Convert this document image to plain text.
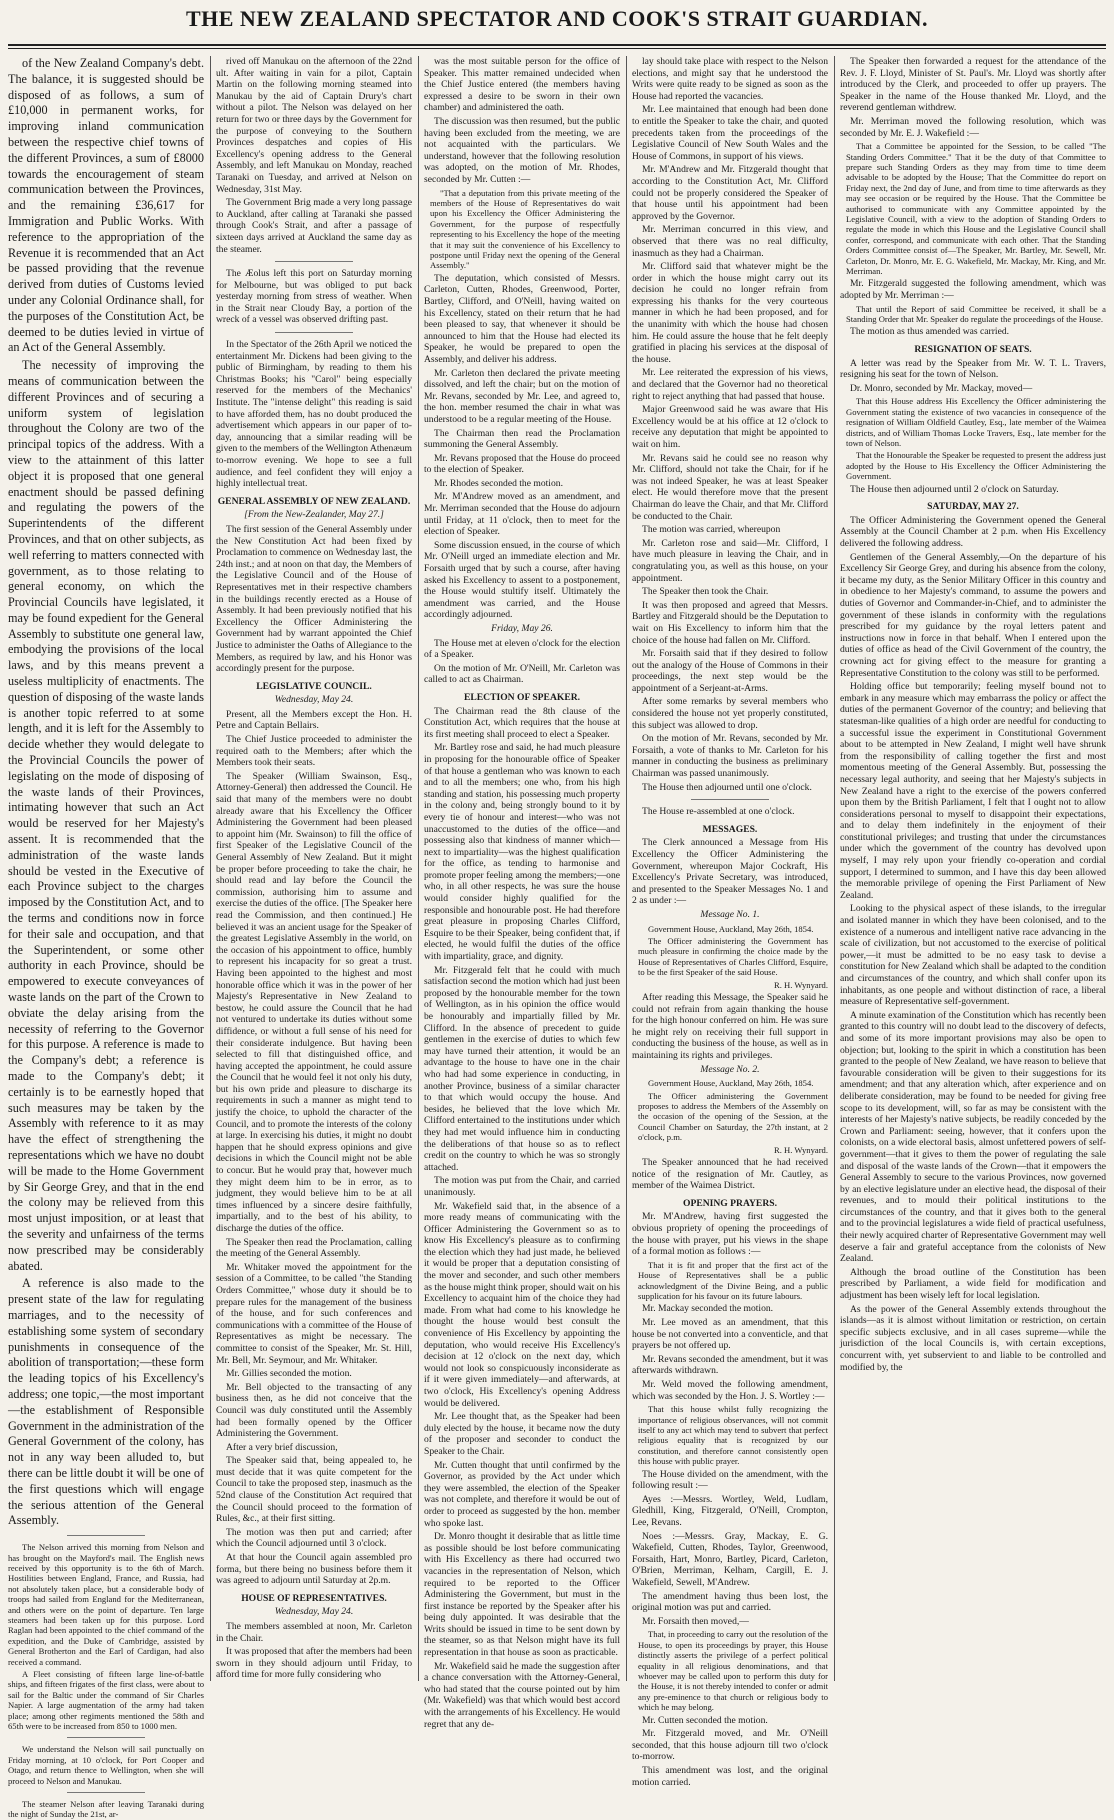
THE NEW ZEALAND SPECTATOR AND COOK'S STRAIT GUARDIAN.

of the New Zealand Company's debt. The balance, it is suggested should be disposed of as follows, a sum of £10,000 in permanent works, for improving inland communication between the respective chief towns of the different Provinces, a sum of £8000 towards the encouragement of steam communication between the Provinces, and the remaining £36,617 for Immigration and Public Works. With reference to the appropriation of the Revenue it is recommended that an Act be passed providing that the revenue derived from duties of Customs levied under any Colonial Ordinance shall, for the purposes of the Constitution Act, be deemed to be duties levied in virtue of an Act of the General Assembly.

The necessity of improving the means of communication between the different Provinces and of securing a uniform system of legislation throughout the Colony are two of the principal topics of the address. With a view to the attainment of this latter object it is proposed that one general enactment should be passed defining and regulating the powers of the Superintendents of the different Provinces, and that on other subjects, as well referring to matters connected with government, as to those relating to general economy, on which the Provincial Councils have legislated, it may be found expedient for the General Assembly to substitute one general law, embodying the provisions of the local laws, and by this means prevent a useless multiplicity of enactments. The question of disposing of the waste lands is another topic referred to at some length, and it is left for the Assembly to decide whether they would delegate to the Provincial Councils the power of legislating on the mode of disposing of the waste lands of their Provinces, intimating however that such an Act would be reserved for her Majesty's assent. It is recommended that the administration of the waste lands should be vested in the Executive of each Province subject to the charges imposed by the Constitution Act, and to the terms and conditions now in force for their sale and occupation, and that the Superintendent, or some other authority in each Province, should be empowered to execute conveyances of waste lands on the part of the Crown to obviate the delay arising from the necessity of referring to the Governor for this purpose. A reference is made to the Company's debt; a reference is made to the Company's debt; it certainly is to be earnestly hoped that such measures may be taken by the Assembly with reference to it as may have the effect of strengthening the representations which we have no doubt will be made to the Home Government by Sir George Grey, and that in the end the colony may be relieved from this most unjust imposition, or at least that the severity and unfairness of the terms now prescribed may be considerably abated.

A reference is also made to the present state of the law for regulating marriages, and to the necessity of establishing some system of secondary punishments in consequence of the abolition of transportation;—these form the leading topics of his Excellency's address; one topic,—the most important—the establishment of Responsible Government in the administration of the General Government of the colony, has not in any way been alluded to, but there can be little doubt it will be one of the first questions which will engage the serious attention of the General Assembly.

The Nelson arrived this morning from Nelson and has brought on the Mayford's mail. The English news received by this opportunity is to the 6th of March. Hostilities between England, France, and Russia, had not absolutely taken place, but a considerable body of troops had sailed from England for the Mediterranean, and others were on the point of departure. Ten large steamers had been taken up for this purpose. Lord Raglan had been appointed to the chief command of the expedition, and the Duke of Cambridge, assisted by General Brotherton and the Earl of Cardigan, had also received a command.

A Fleet consisting of fifteen large line-of-battle ships, and fifteen frigates of the first class, were about to sail for the Baltic under the command of Sir Charles Napier. A large augmentation of the army had taken place; among other regiments mentioned the 58th and 65th were to be increased from 850 to 1000 men.

We understand the Nelson will sail punctually on Friday morning, at 10 o'clock, for Port Cooper and Otago, and return thence to Wellington, when she will proceed to Nelson and Manukau.

The steamer Nelson after leaving Taranaki during the night of Sunday the 21st, ar-

rived off Manukau on the afternoon of the 22nd ult. After waiting in vain for a pilot, Captain Martin on the following morning steamed into Manukau by the aid of Captain Drury's chart without a pilot. The Nelson was delayed on her return for two or three days by the Government for the purpose of conveying to the Southern Provinces despatches and copies of His Excellency's opening address to the General Assembly, and left Manukau on Monday, reached Taranaki on Tuesday, and arrived at Nelson on Wednesday, 31st May.

The Government Brig made a very long passage to Auckland, after calling at Taranaki she passed through Cook's Strait, and after a passage of sixteen days arrived at Auckland the same day as the steamer.

The Æolus left this port on Saturday morning for Melbourne, but was obliged to put back yesterday morning from stress of weather. When in the Strait near Cloudy Bay, a portion of the wreck of a vessel was observed drifting past.

In the Spectator of the 26th April we noticed the entertainment Mr. Dickens had been giving to the public of Birmingham, by reading to them his Christmas Books; his "Carol" being especially reserved for the members of the Mechanics' Institute. The "intense delight" this reading is said to have afforded them, has no doubt produced the advertisement which appears in our paper of to-day, announcing that a similar reading will be given to the members of the Wellington Athenæum to-morrow evening. We hope to see a full audience, and feel confident they will enjoy a highly intellectual treat.

GENERAL ASSEMBLY OF NEW ZEALAND.

[From the New-Zealander, May 27.]

The first session of the General Assembly under the New Constitution Act had been fixed by Proclamation to commence on Wednesday last, the 24th inst.; and at noon on that day, the Members of the Legislative Council and of the House of Representatives met in their respective chambers in the buildings recently erected as a House of Assembly. It had been previously notified that his Excellency the Officer Administering the Government had by warrant appointed the Chief Justice to administer the Oaths of Allegiance to the Members, as required by law, and his Honor was accordingly present for the purpose.

LEGISLATIVE COUNCIL.

Wednesday, May 24.

Present, all the Members except the Hon. H. Petre and Captain Bellairs.

The Chief Justice proceeded to administer the required oath to the Members; after which the Members took their seats.

The Speaker (William Swainson, Esq., Attorney-General) then addressed the Council. He said that many of the members were no doubt already aware that his Excellency the Officer Administering the Government had been pleased to appoint him (Mr. Swainson) to fill the office of first Speaker of the Legislative Council of the General Assembly of New Zealand. But it might be proper before proceeding to take the chair, he should read and lay before the Council the commission, authorising him to assume and exercise the duties of the office. [The Speaker here read the Commission, and then continued.] He believed it was an ancient usage for the Speaker of the greatest Legislative Assembly in the world, on the occasion of his appointment to office, humbly to represent his incapacity for so great a trust. Having been appointed to the highest and most honorable office which it was in the power of her Majesty's Representative in New Zealand to bestow, he could assure the Council that he had not ventured to undertake its duties without some diffidence, or without a full sense of his need for their considerate indulgence. But having been selected to fill that distinguished office, and having accepted the appointment, he could assure the Council that he would feel it not only his duty, but his own pride and pleasure to discharge its requirements in such a manner as might tend to justify the choice, to uphold the character of the Council, and to promote the interests of the colony at large. In exercising his duties, it might no doubt happen that he should express opinions and give decisions in which the Council might not be able to concur. But he would pray that, however much they might deem him to be in error, as to judgment, they would believe him to be at all times influenced by a sincere desire faithfully, impartially, and to the best of his ability, to discharge the duties of the office.

The Speaker then read the Proclamation, calling the meeting of the General Assembly.

Mr. Whitaker moved the appointment for the session of a Committee, to be called "the Standing Orders Committee," whose duty it should be to prepare rules for the management of the business of the house, and for such conferences and communications with a committee of the House of Representatives as might be necessary. The committee to consist of the Speaker, Mr. St. Hill, Mr. Bell, Mr. Seymour, and Mr. Whitaker.

Mr. Gillies seconded the motion.

Mr. Bell objected to the transacting of any business then, as he did not conceive that the Council was duly constituted until the Assembly had been formally opened by the Officer Administering the Government.

After a very brief discussion,

The Speaker said that, being appealed to, he must decide that it was quite competent for the Council to take the proposed step, inasmuch as the 52nd clause of the Constitution Act required that the Council should proceed to the formation of Rules, &c., at their first sitting.

The motion was then put and carried; after which the Council adjourned until 3 o'clock.

At that hour the Council again assembled pro forma, but there being no business before them it was agreed to adjourn until Saturday at 2p.m.

HOUSE OF REPRESENTATIVES.

Wednesday, May 24.

The members assembled at noon, Mr. Carleton in the Chair.

It was proposed that after the members had been sworn in they should adjourn until Friday, to afford time for more fully considering who

was the most suitable person for the office of Speaker. This matter remained undecided when the Chief Justice entered (the members having expressed a desire to be sworn in their own chamber) and administered the oath.

The discussion was then resumed, but the public having been excluded from the meeting, we are not acquainted with the particulars. We understand, however that the following resolution was adopted, on the motion of Mr. Rhodes, seconded by Mr. Cutten :—

"That a deputation from this private meeting of the members of the House of Representatives do wait upon his Excellency the Officer Administering the Government, for the purpose of respectfully representing to his Excellency the hope of the meeting that it may suit the convenience of his Excellency to postpone until Friday next the opening of the General Assembly."

The deputation, which consisted of Messrs. Carleton, Cutten, Rhodes, Greenwood, Porter, Bartley, Clifford, and O'Neill, having waited on his Excellency, stated on their return that he had been pleased to say, that whenever it should be announced to him that the House had elected its Speaker, he would be prepared to open the Assembly, and deliver his address.

Mr. Carleton then declared the private meeting dissolved, and left the chair; but on the motion of Mr. Revans, seconded by Mr. Lee, and agreed to, the hon. member resumed the chair in what was understood to be a regular meeting of the House.

The Chairman then read the Proclamation summoning the General Assembly.

Mr. Revans proposed that the House do proceed to the election of Speaker.

Mr. Rhodes seconded the motion.

Mr. M'Andrew moved as an amendment, and Mr. Merriman seconded that the House do adjourn until Friday, at 11 o'clock, then to meet for the election of Speaker.

Some discussion ensued, in the course of which Mr. O'Neill urged an immediate election and Mr. Forsaith urged that by such a course, after having asked his Excellency to assent to a postponement, the House would stultify itself. Ultimately the amendment was carried, and the House accordingly adjourned.

Friday, May 26.

The House met at eleven o'clock for the election of a Speaker.

On the motion of Mr. O'Neill, Mr. Carleton was called to act as Chairman.

ELECTION OF SPEAKER.

The Chairman read the 8th clause of the Constitution Act, which requires that the house at its first meeting shall proceed to elect a Speaker.

Mr. Bartley rose and said, he had much pleasure in proposing for the honourable office of Speaker of that house a gentleman who was known to each and to all the members; one who, from his high standing and station, his possessing much property in the colony and, being strongly bound to it by every tie of honour and interest—who was not unaccustomed to the duties of the office—and possessing also that kindness of manner which—next to impartiality—was the highest qualification for the office, as tending to harmonise and promote proper feeling among the members;—one who, in all other respects, he was sure the house would consider highly qualified for the responsible and honourable post. He had therefore great pleasure in proposing Charles Clifford, Esquire to be their Speaker, being confident that, if elected, he would fulfil the duties of the office with impartiality, grace, and dignity.

Mr. Fitzgerald felt that he could with much satisfaction second the motion which had just been proposed by the honourable member for the town of Wellington, as in his opinion the office would be honourably and impartially filled by Mr. Clifford. In the absence of precedent to guide gentlemen in the exercise of duties to which few may have turned their attention, it would be an advantage to the house to have one in the chair who had had some experience in conducting, in another Province, business of a similar character to that which would occupy the house. And besides, he believed that the love which Mr. Clifford entertained to the institutions under which they had met would influence him in conducting the deliberations of that house so as to reflect credit on the country to which he was so strongly attached.

The motion was put from the Chair, and carried unanimously.

Mr. Wakefield said that, in the absence of a more ready means of communicating with the Officer Administering the Government so as to know His Excellency's pleasure as to confirming the election which they had just made, he believed it would be proper that a deputation consisting of the mover and seconder, and such other members as the house might think proper, should wait on his Excellency to acquaint him of the choice they had made. From what had come to his knowledge he thought the house would best consult the convenience of His Excellency by appointing the deputation, who would receive His Excellency's decision at 12 o'clock on the next day, which would not look so conspicuously inconsiderate as if it were given immediately—and afterwards, at two o'clock, His Excellency's opening Address would be delivered.

Mr. Lee thought that, as the Speaker had been duly elected by the house, it became now the duty of the proposer and seconder to conduct the Speaker to the Chair.

Mr. Cutten thought that until confirmed by the Governor, as provided by the Act under which they were assembled, the election of the Speaker was not complete, and therefore it would be out of order to proceed as suggested by the hon. member who spoke last.

Dr. Monro thought it desirable that as little time as possible should be lost before communicating with His Excellency as there had occurred two vacancies in the representation of Nelson, which required to be reported to the Officer Administering the Government, but must in the first instance be reported by the Speaker after his being duly appointed. It was desirable that the Writs should be issued in time to be sent down by the steamer, so as that Nelson might have its full representation in that house as soon as practicable.

Mr. Wakefield said he made the suggestion after a chance conversation with the Attorney-General, who had stated that the course pointed out by him (Mr. Wakefield) was that which would best accord with the arrangements of his Excellency. He would regret that any de-

lay should take place with respect to the Nelson elections, and might say that he understood the Writs were quite ready to be signed as soon as the House had reported the vacancies.

Mr. Lee maintained that enough had been done to entitle the Speaker to take the chair, and quoted precedents taken from the proceedings of the Legislative Council of New South Wales and the House of Commons, in support of his views.

Mr. M'Andrew and Mr. Fitzgerald thought that according to the Constitution Act, Mr. Clifford could not be properly considered the Speaker of that house until his appointment had been approved by the Governor.

Mr. Merriman concurred in this view, and observed that there was no real difficulty, inasmuch as they had a Chairman.

Mr. Clifford said that whatever might be the order in which the house might carry out its decision he could no longer refrain from expressing his thanks for the very courteous manner in which he had been proposed, and for the unanimity with which the house had chosen him. He could assure the house that he felt deeply gratified in placing his services at the disposal of the house.

Mr. Lee reiterated the expression of his views, and declared that the Governor had no theoretical right to reject anything that had passed that house.

Major Greenwood said he was aware that His Excellency would be at his office at 12 o'clock to receive any deputation that might be appointed to wait on him.

Mr. Revans said he could see no reason why Mr. Clifford, should not take the Chair, for if he was not indeed Speaker, he was at least Speaker elect. He would therefore move that the present Chairman do leave the Chair, and that Mr. Clifford be conducted to the Chair.

The motion was carried, whereupon

Mr. Carleton rose and said—Mr. Clifford, I have much pleasure in leaving the Chair, and in congratulating you, as well as this house, on your appointment.

The Speaker then took the Chair.

It was then proposed and agreed that Messrs. Bartley and Fitzgerald should be the Deputation to wait on His Excellency to inform him that the choice of the house had fallen on Mr. Clifford.

Mr. Forsaith said that if they desired to follow out the analogy of the House of Commons in their proceedings, the next step would be the appointment of a Serjeant-at-Arms.

After some remarks by several members who considered the house not yet properly constituted, this subject was allowed to drop.

On the motion of Mr. Revans, seconded by Mr. Forsaith, a vote of thanks to Mr. Carleton for his manner in conducting the business as preliminary Chairman was passed unanimously.

The House then adjourned until one o'clock.

The House re-assembled at one o'clock.

MESSAGES.

The Clerk announced a Message from His Excellency the Officer Administering the Government, whereupon Major Cockraft, His Excellency's Private Secretary, was introduced, and presented to the Speaker Messages No. 1 and 2 as under :—

Message No. 1.

Government House, Auckland, May 26th, 1854.

The Officer administering the Government has much pleasure in confirming the choice made by the House of Representatives of Charles Clifford, Esquire, to be the first Speaker of the said House.

R. H. Wynyard.

After reading this Message, the Speaker said he could not refrain from again thanking the house for the high honour conferred on him. He was sure he might rely on receiving their full support in conducting the business of the house, as well as in maintaining its rights and privileges.

Message No. 2.

Government House, Auckland, May 26th, 1854.

The Officer administering the Government proposes to address the Members of the Assembly on the occasion of the opening of the Session, at the Council Chamber on Saturday, the 27th instant, at 2 o'clock, p.m.

R. H. Wynyard.

The Speaker announced that he had received notice of the resignation of Mr. Cautley, as member of the Waimea District.

OPENING PRAYERS.

Mr. M'Andrew, having first suggested the obvious propriety of opening the proceedings of the house with prayer, put his views in the shape of a formal motion as follows :—

That it is fit and proper that the first act of the House of Representatives shall be a public acknowledgment of the Divine Being, and a public supplication for his favour on its future labours.

Mr. Mackay seconded the motion.

Mr. Lee moved as an amendment, that this house be not converted into a conventicle, and that prayers be not offered up.

Mr. Revans seconded the amendment, but it was afterwards withdrawn.

Mr. Weld moved the following amendment, which was seconded by the Hon. J. S. Wortley :—

That this house whilst fully recognizing the importance of religious observances, will not commit itself to any act which may tend to subvert that perfect religious equality that is recognized by our constitution, and therefore cannot consistently open this house with public prayer.

The House divided on the amendment, with the following result :—

Ayes :—Messrs. Wortley, Weld, Ludlam, Gledhill, King, Fitzgerald, O'Neill, Crompton, Lee, Revans.

Noes :—Messrs. Gray, Mackay, E. G. Wakefield, Cutten, Rhodes, Taylor, Greenwood, Forsaith, Hart, Monro, Bartley, Picard, Carleton, O'Brien, Merriman, Kelham, Cargill, E. J. Wakefield, Sewell, M'Andrew.

The amendment having thus been lost, the original motion was put and carried.

Mr. Forsaith then moved,—

That, in proceeding to carry out the resolution of the House, to open its proceedings by prayer, this House distinctly asserts the privilege of a perfect political equality in all religious denominations, and that whoever may be called upon to perform this duty for the House, it is not thereby intended to confer or admit any pre-eminence to that church or religious body to which he may belong.

Mr. Cutten seconded the motion.

Mr. Fitzgerald moved, and Mr. O'Neill seconded, that this house adjourn till two o'clock to-morrow.

This amendment was lost, and the original motion carried.

The Speaker then forwarded a request for the attendance of the Rev. J. F. Lloyd, Minister of St. Paul's. Mr. Lloyd was shortly after introduced by the Clerk, and proceeded to offer up prayers. The Speaker in the name of the House thanked Mr. Lloyd, and the reverend gentleman withdrew.

Mr. Merriman moved the following resolution, which was seconded by Mr. E. J. Wakefield :—

That a Committee be appointed for the Session, to be called "The Standing Orders Committee." That it be the duty of that Committee to prepare such Standing Orders as they may from time to time deem advisable to be adopted by the House; That the Committee do report on Friday next, the 2nd day of June, and from time to time afterwards as they may see occasion or be required by the House. That the Committee be authorised to communicate with any Committee appointed by the Legislative Council, with a view to the adoption of Standing Orders to regulate the mode in which this House and the Legislative Council shall confer, correspond, and communicate with each other. That the Standing Orders Committee consist of—The Speaker, Mr. Bartley, Mr. Sewell, Mr. Carleton, Dr. Monro, Mr. E. G. Wakefield, Mr. Mackay, Mr. King, and Mr. Merriman.

Mr. Fitzgerald suggested the following amendment, which was adopted by Mr. Merriman :—

That until the Report of said Committee be received, it shall be a Standing Order that Mr. Speaker do regulate the proceedings of the House.

The motion as thus amended was carried.

RESIGNATION OF SEATS.

A letter was read by the Speaker from Mr. W. T. L. Travers, resigning his seat for the town of Nelson.

Dr. Monro, seconded by Mr. Mackay, moved—

That this House address His Excellency the Officer administering the Government stating the existence of two vacancies in consequence of the resignation of William Oldfield Cautley, Esq., late member of the Waimea districts, and of William Thomas Locke Travers, Esq., late member for the town of Nelson.

That the Honourable the Speaker be requested to present the address just adopted by the House to His Excellency the Officer Administering the Government.

The House then adjourned until 2 o'clock on Saturday.

SATURDAY, MAY 27.

The Officer Administering the Government opened the General Assembly at the Council Chamber at 2 p.m. when His Excellency delivered the following address.

Gentlemen of the General Assembly,—On the departure of his Excellency Sir George Grey, and during his absence from the colony, it became my duty, as the Senior Military Officer in this country and in obedience to her Majesty's command, to assume the powers and duties of Governor and Commander-in-Chief, and to administer the government of these islands in conformity with the regulations prescribed for my guidance by the royal letters patent and instructions now in force in that behalf. When I entered upon the duties of office as head of the Civil Government of the country, the crowning act for giving effect to the measure for granting a Representative Constitution to the colony was still to be performed.

Holding office but temporarily; feeling myself bound not to embark in any measure which may embarrass the policy or affect the duties of the permanent Governor of the country; and believing that statesman-like qualities of a high order are needful for conducting to a successful issue the experiment in Constitutional Government about to be attempted in New Zealand, I might well have shrunk from the responsibility of calling together the first and most momentous meeting of the General Assembly. But, possessing the necessary legal authority, and seeing that her Majesty's subjects in New Zealand have a right to the exercise of the powers conferred upon them by the British Parliament, I felt that I ought not to allow considerations personal to myself to disappoint their expectations, and to delay them indefinitely in the enjoyment of their constitutional privileges; and trusting that under the circumstances under which the government of the country has devolved upon myself, I may rely upon your friendly co-operation and cordial support, I determined to summon, and I have this day been allowed the memorable privilege of opening the First Parliament of New Zealand.

Looking to the physical aspect of these islands, to the irregular and isolated manner in which they have been colonised, and to the existence of a numerous and intelligent native race advancing in the scale of civilization, but not accustomed to the exercise of political power,—it must be admitted to be no easy task to devise a constitution for New Zealand which shall be adapted to the condition and circumstances of the country, and which shall confer upon its inhabitants, as one people and without distinction of race, a liberal measure of Representative self-government.

A minute examination of the Constitution which has recently been granted to this country will no doubt lead to the discovery of defects, and some of its more important provisions may also be open to objection; but, looking to the spirit in which a constitution has been granted to the people of New Zealand, we have reason to believe that favourable consideration will be given to their suggestions for its amendment; and that any alteration which, after experience and on deliberate consideration, may be found to be needed for giving free scope to its development, will, so far as may be consistent with the interests of her Majesty's native subjects, be readily conceded by the Crown and Parliament: seeing, however, that it confers upon the colonists, on a wide electoral basis, almost unfettered powers of self-government—that it gives to them the power of regulating the sale and disposal of the waste lands of the Crown—that it empowers the General Assembly to secure to the various Provinces, now governed by an elective legislature under an elective head, the disposal of their revenues, and to mould their political institutions to the circumstances of the country, and that it gives both to the general and to the provincial legislatures a wide field of practical usefulness, their newly acquired charter of Representative Government may well deserve a fair and grateful acceptance from the colonists of New Zealand.

Although the broad outline of the Constitution has been prescribed by Parliament, a wide field for modification and adjustment has been wisely left for local legislation.

As the power of the General Assembly extends throughout the islands—as it is almost without limitation or restriction, on certain specific subjects exclusive, and in all cases supreme—while the jurisdiction of the local Councils is, with certain exceptions, concurrent with, yet subservient to and liable to be controlled and modified by, the
